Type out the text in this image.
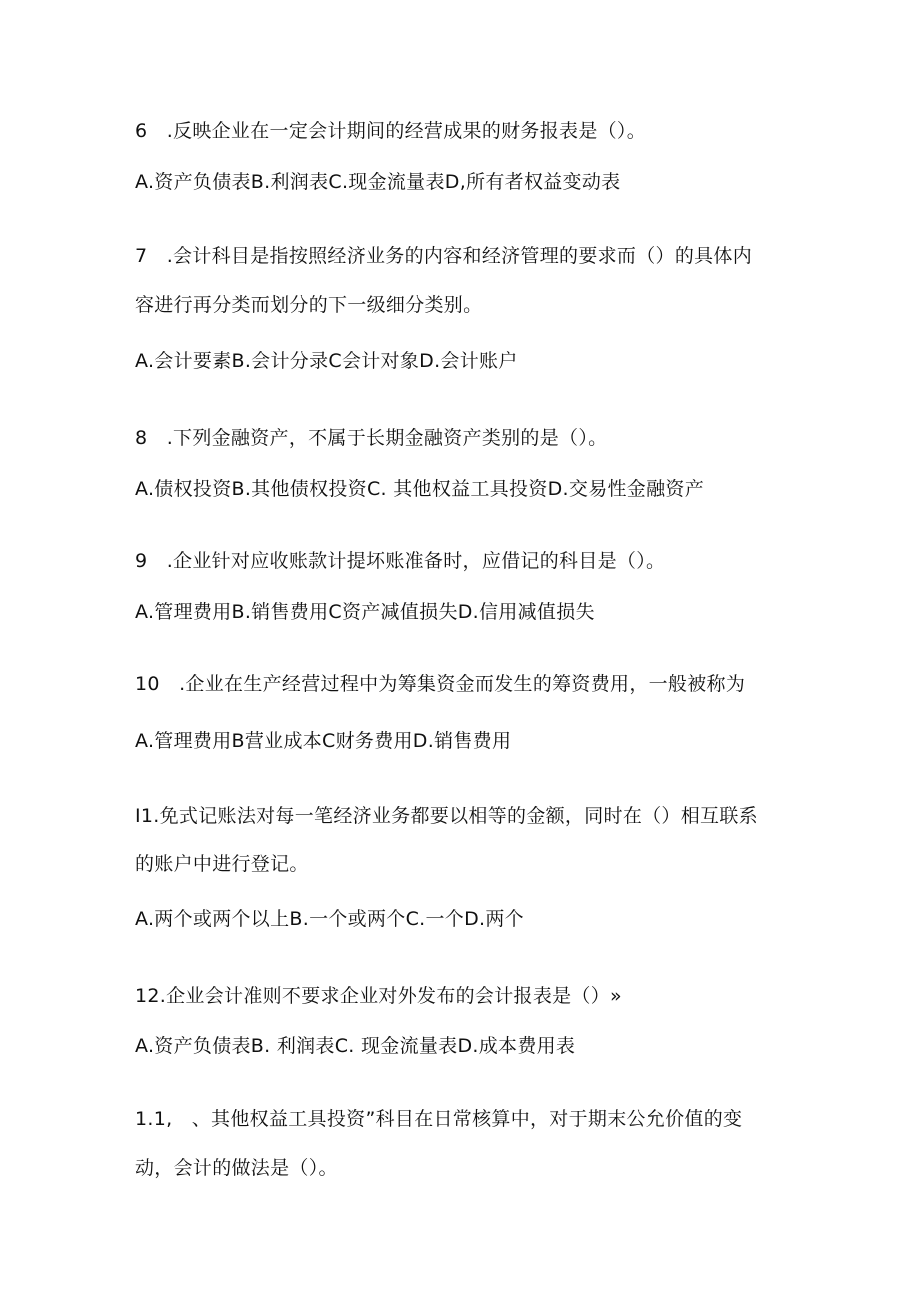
6　.反映企业在一定会计期间的经营成果的财务报表是（）。
A.资产负债表B.利润表C.现金流量表D,所有者权益变动表
7　.会计科目是指按照经济业务的内容和经济管理的要求而（）的具体内
容进行再分类而划分的下一级细分类别。
A.会计要素B.会计分录C会计对象D.会计账户
8　.下列金融资产，不属于长期金融资产类别的是（）。
A.债权投资B.其他债权投资C. 其他权益工具投资D.交易性金融资产
9　.企业针对应收账款计提坏账准备时，应借记的科目是（）。
A.管理费用B.销售费用C资产减值损失D.信用减值损失
10　.企业在生产经营过程中为筹集资金而发生的筹资费用，一般被称为
A.管理费用B营业成本C财务费用D.销售费用
I1.免式记账法对每一笔经济业务都要以相等的金额，同时在（）相互联系
的账户中进行登记。
A.两个或两个以上B.一个或两个C.一个D.两个
12.企业会计准则不要求企业对外发布的会计报表是（）»
A.资产负债表B. 利润表C. 现金流量表D.成本费用表
1.1,　、其他权益工具投资”科目在日常核算中，对于期末公允价值的变
动，会计的做法是（）。
